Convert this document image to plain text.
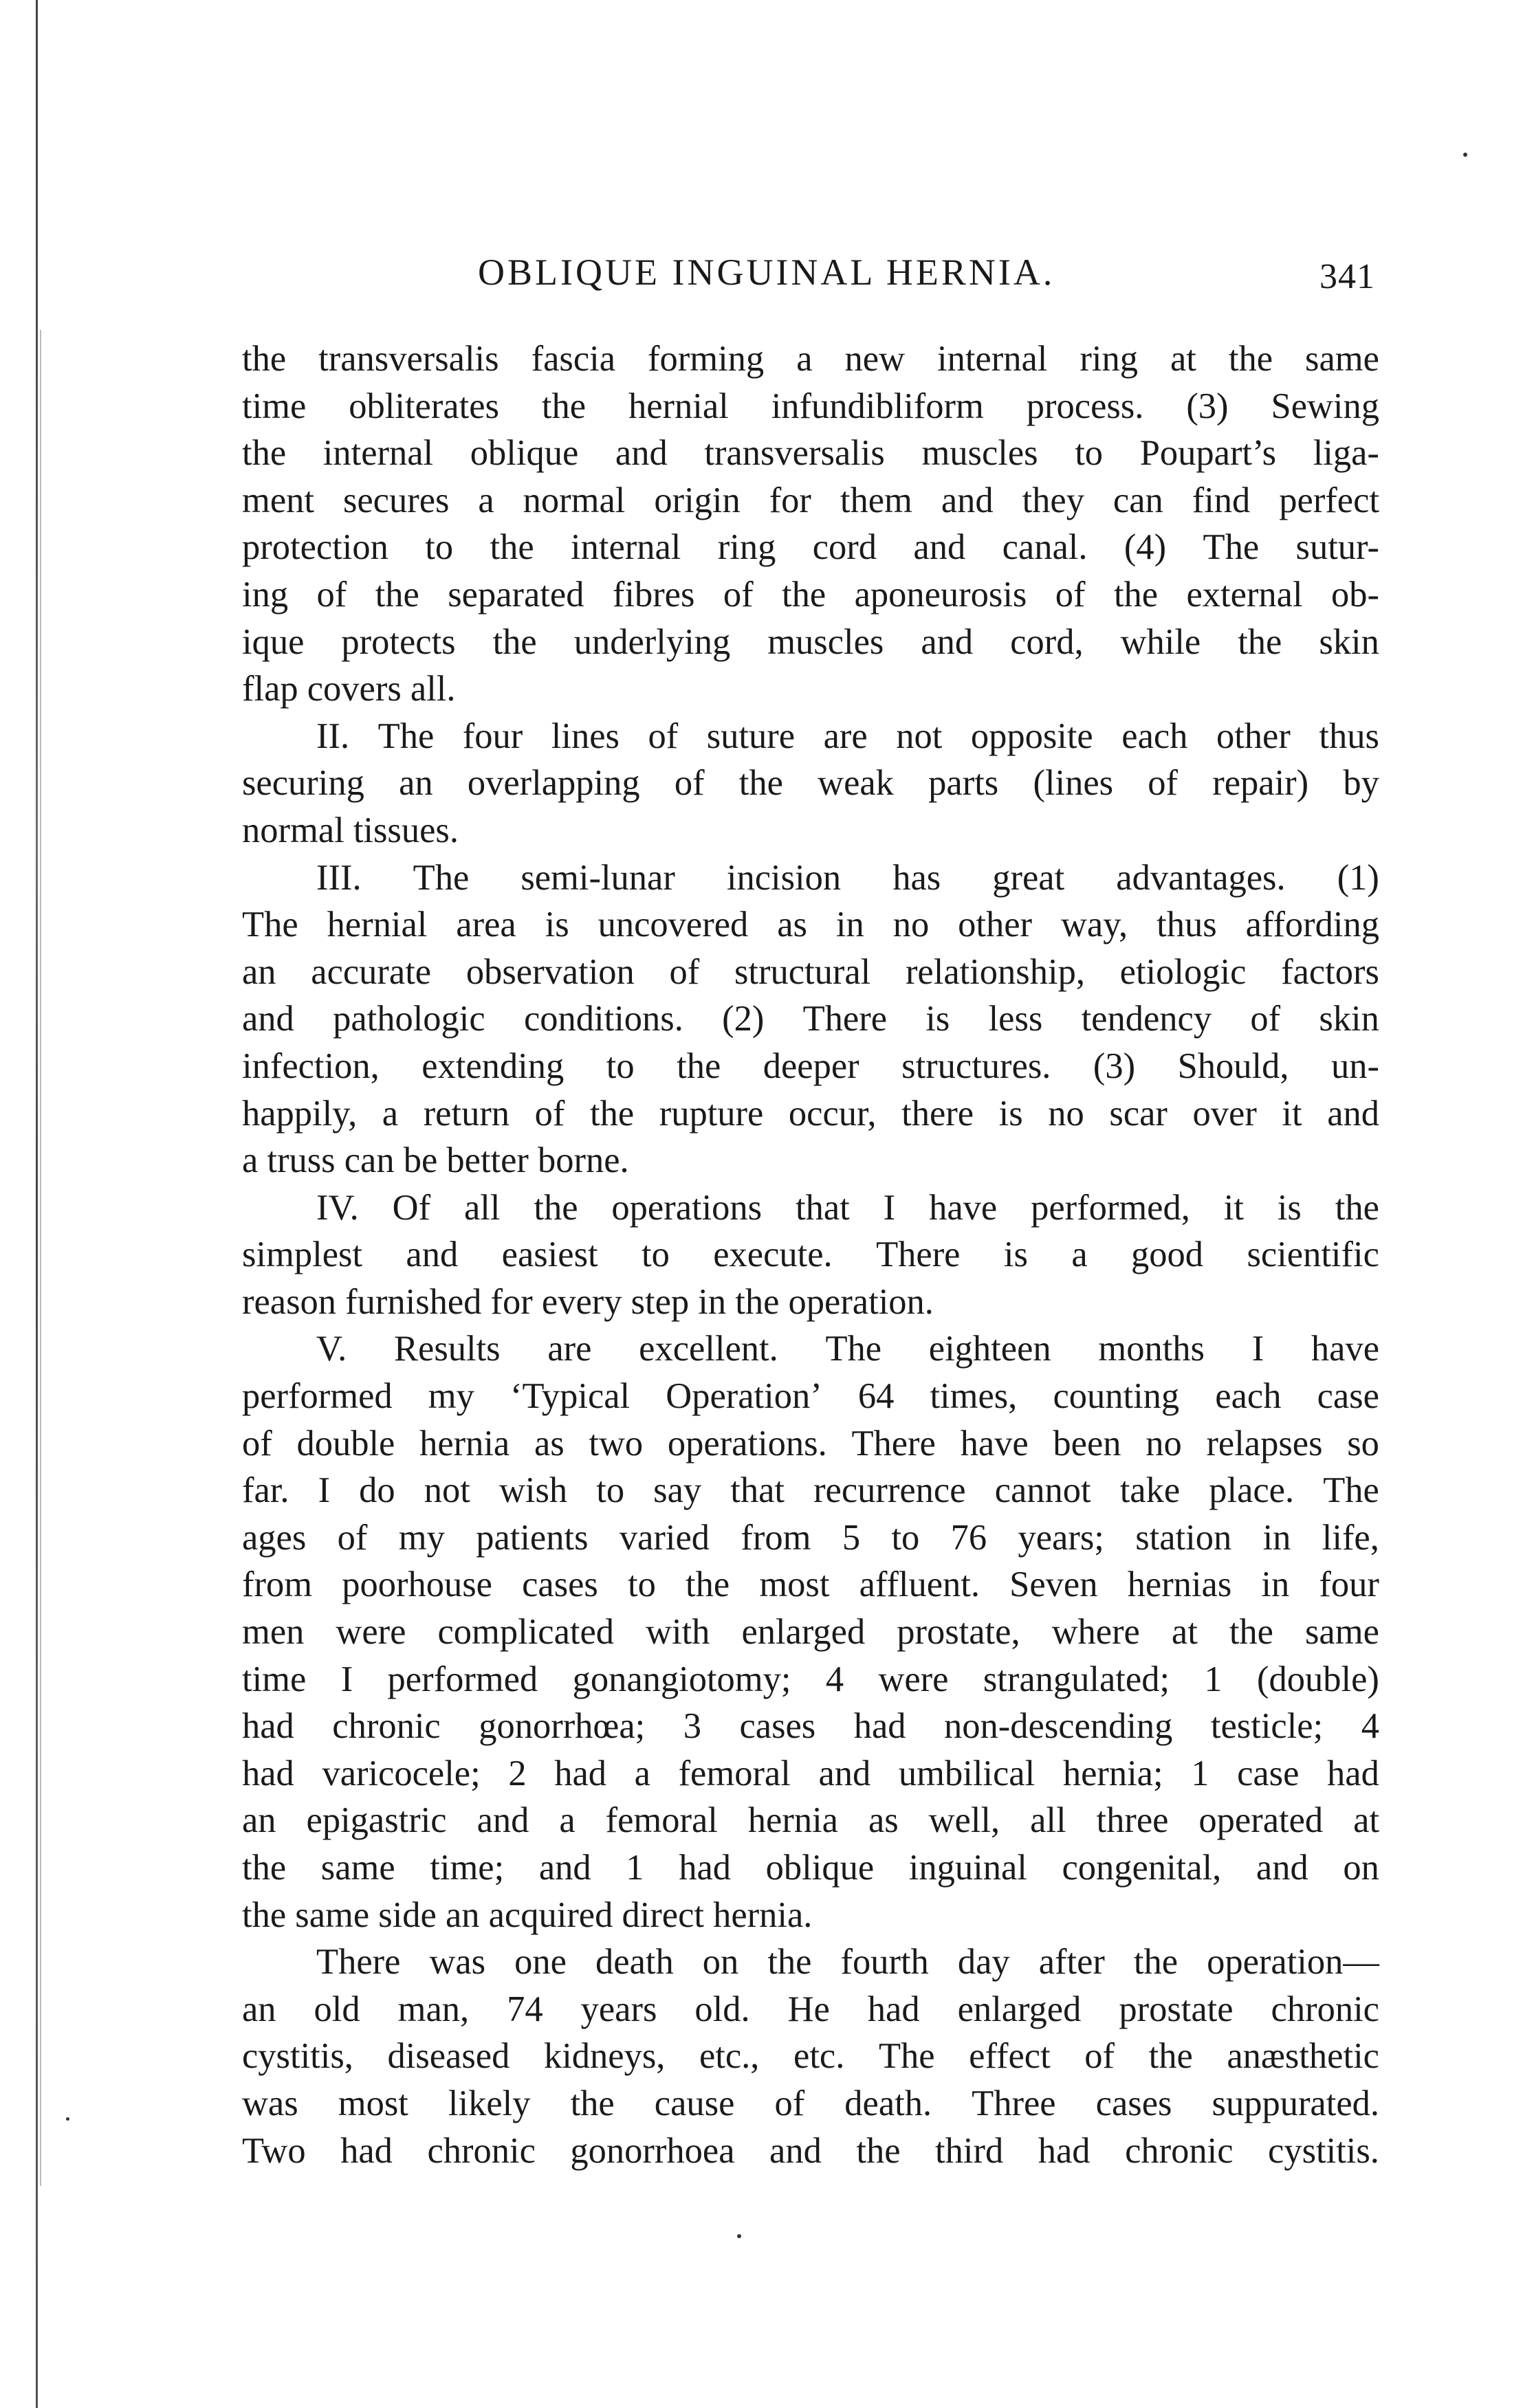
OBLIQUE INGUINAL HERNIA.	341
the transversalis fascia forming a new internal ring at the same
time obliterates the hernial infundibliform process. (3) Sewing
the internal oblique and transversalis muscles to Poupart’s liga-
ment secures a normal origin for them and they can find perfect
protection to the internal ring cord and canal. (4) The sutur-
ing of the separated fibres of the aponeurosis of the external ob-
ique protects the underlying muscles and cord, while the skin
flap covers all.
II. The four lines of suture are not opposite each other thus
securing an overlapping of the weak parts (lines of repair) by
normal tissues.
III. The semi-lunar incision has great advantages. (1)
The hernial area is uncovered as in no other way, thus affording
an accurate observation of structural relationship, etiologic factors
and pathologic conditions. (2) There is less tendency of skin
infection, extending to the deeper structures. (3) Should, un-
happily, a return of the rupture occur, there is no scar over it and
a truss can be better borne.
IV. Of all the operations that I have performed, it is the
simplest and easiest to execute. There is a good scientific
reason furnished for every step in the operation.
V. Results are excellent. The eighteen months I have
performed my ‘Typical Operation’ 64 times, counting each case
of double hernia as two operations. There have been no relapses so
far. I do not wish to say that recurrence cannot take place. The
ages of my patients varied from 5 to 76 years; station in life,
from poorhouse cases to the most affluent. Seven hernias in four
men were complicated with enlarged prostate, where at the same
time I performed gonangiotomy; 4 were strangulated; 1 (double)
had chronic gonorrhœa; 3 cases had non-descending testicle; 4
had varicocele; 2 had a femoral and umbilical hernia; 1 case had
an epigastric and a femoral hernia as well, all three operated at
the same time; and 1 had oblique inguinal congenital, and on
the same side an acquired direct hernia.
There was one death on the fourth day after the operation—
an old man, 74 years old. He had enlarged prostate chronic
cystitis, diseased kidneys, etc., etc. The effect of the anæsthetic
was most likely the cause of death. Three cases suppurated.
Two had chronic gonorrhoea and the third had chronic cystitis.
